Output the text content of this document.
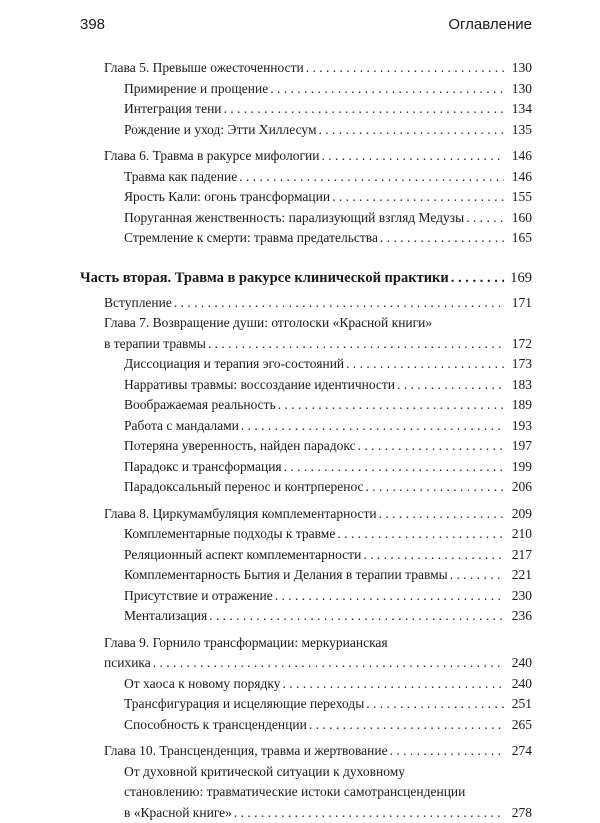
398	Оглавление
Глава 5. Превыше ожесточенности . . .	130
Примирение и прощение . . .	130
Интеграция тени . . .	134
Рождение и уход: Этти Хиллесум . . .	135
Глава 6. Травма в ракурсе мифологии . . .	146
Травма как падение . . .	146
Ярость Кали: огонь трансформации . . .	155
Поруганная женственность: парализующий взгляд Медузы . . .	160
Стремление к смерти: травма предательства . . .	165
Часть вторая. Травма в ракурсе клинической практики . . .	169
Вступление . . .	171
Глава 7. Возвращение души: отголоски «Красной книги»
в терапии травмы . . .	172
Диссоциация и терапия эго-состояний . . .	173
Нарративы травмы: воссоздание идентичности . . .	183
Воображаемая реальность . . .	189
Работа с мандалами . . .	193
Потеряна уверенность, найден парадокс . . .	197
Парадокс и трансформация . . .	199
Парадоксальный перенос и контрперенос . . .	206
Глава 8. Циркумамбуляция комплементарности . . .	209
Комплементарные подходы к травме . . .	210
Реляционный аспект комплементарности . . .	217
Комплементарность Бытия и Делания в терапии травмы . . .	221
Присутствие и отражение . . .	230
Ментализация . . .	236
Глава 9. Горнило трансформации: меркурианская
психика . . .	240
От хаоса к новому порядку . . .	240
Трансфигурация и исцеляющие переходы . . .	251
Способность к трансценденции . . .	265
Глава 10. Трансценденция, травма и жертвование . . .	274
От духовной критической ситуации к духовному
становлению: травматические истоки самотрансценденции
в «Красной книге» . . .	278
